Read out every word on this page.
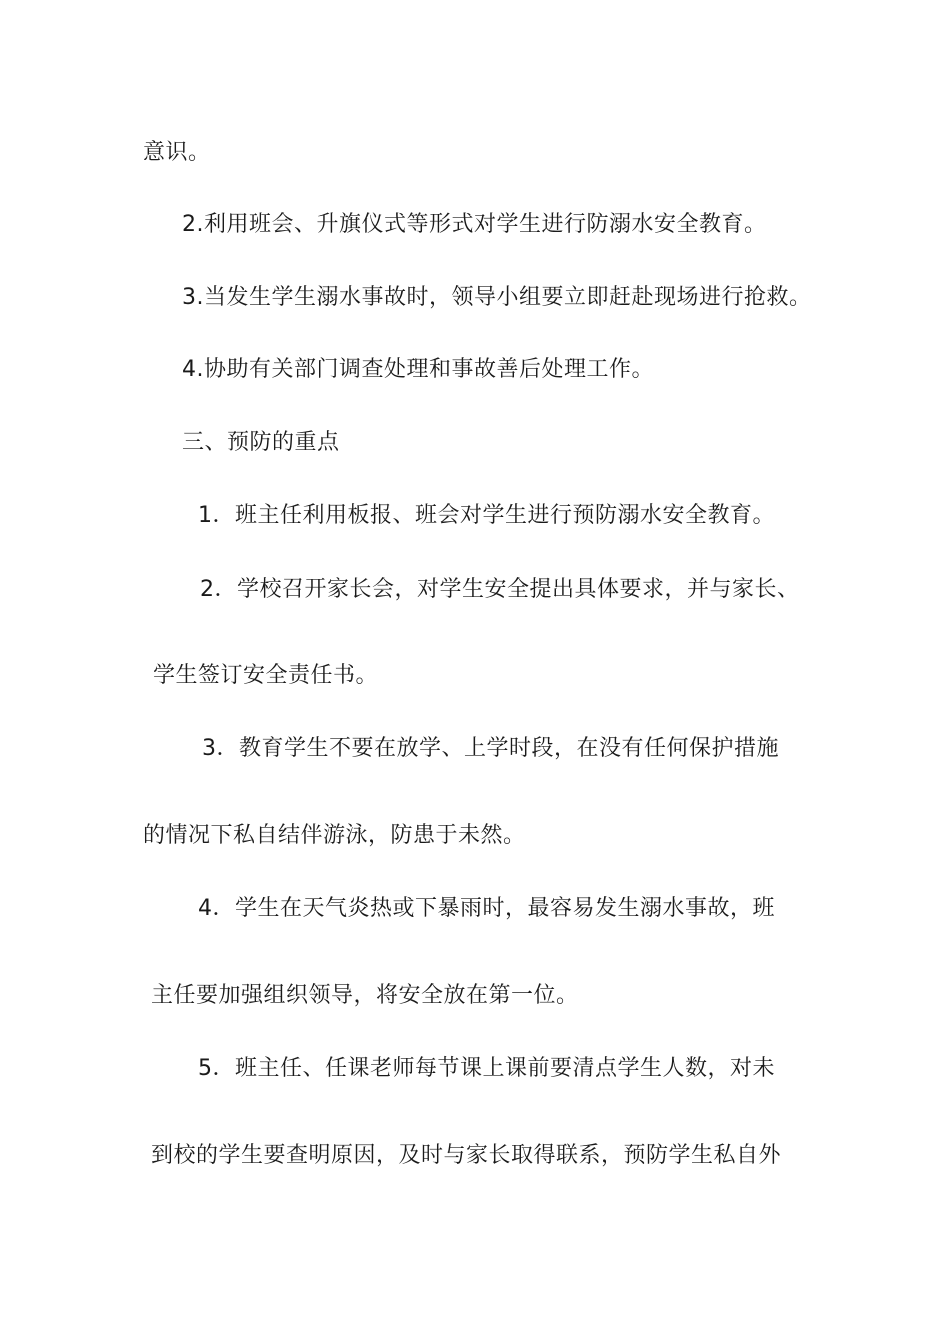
意识。
2.利用班会、升旗仪式等形式对学生进行防溺水安全教育。
3.当发生学生溺水事故时，领导小组要立即赶赴现场进行抢救。
4.协助有关部门调查处理和事故善后处理工作。
三、预防的重点
1．班主任利用板报、班会对学生进行预防溺水安全教育。
2．学校召开家长会，对学生安全提出具体要求，并与家长、
学生签订安全责任书。
3．教育学生不要在放学、上学时段，在没有任何保护措施
的情况下私自结伴游泳，防患于未然。
4．学生在天气炎热或下暴雨时，最容易发生溺水事故，班
主任要加强组织领导，将安全放在第一位。
5．班主任、任课老师每节课上课前要清点学生人数，对未
到校的学生要查明原因，及时与家长取得联系，预防学生私自外
